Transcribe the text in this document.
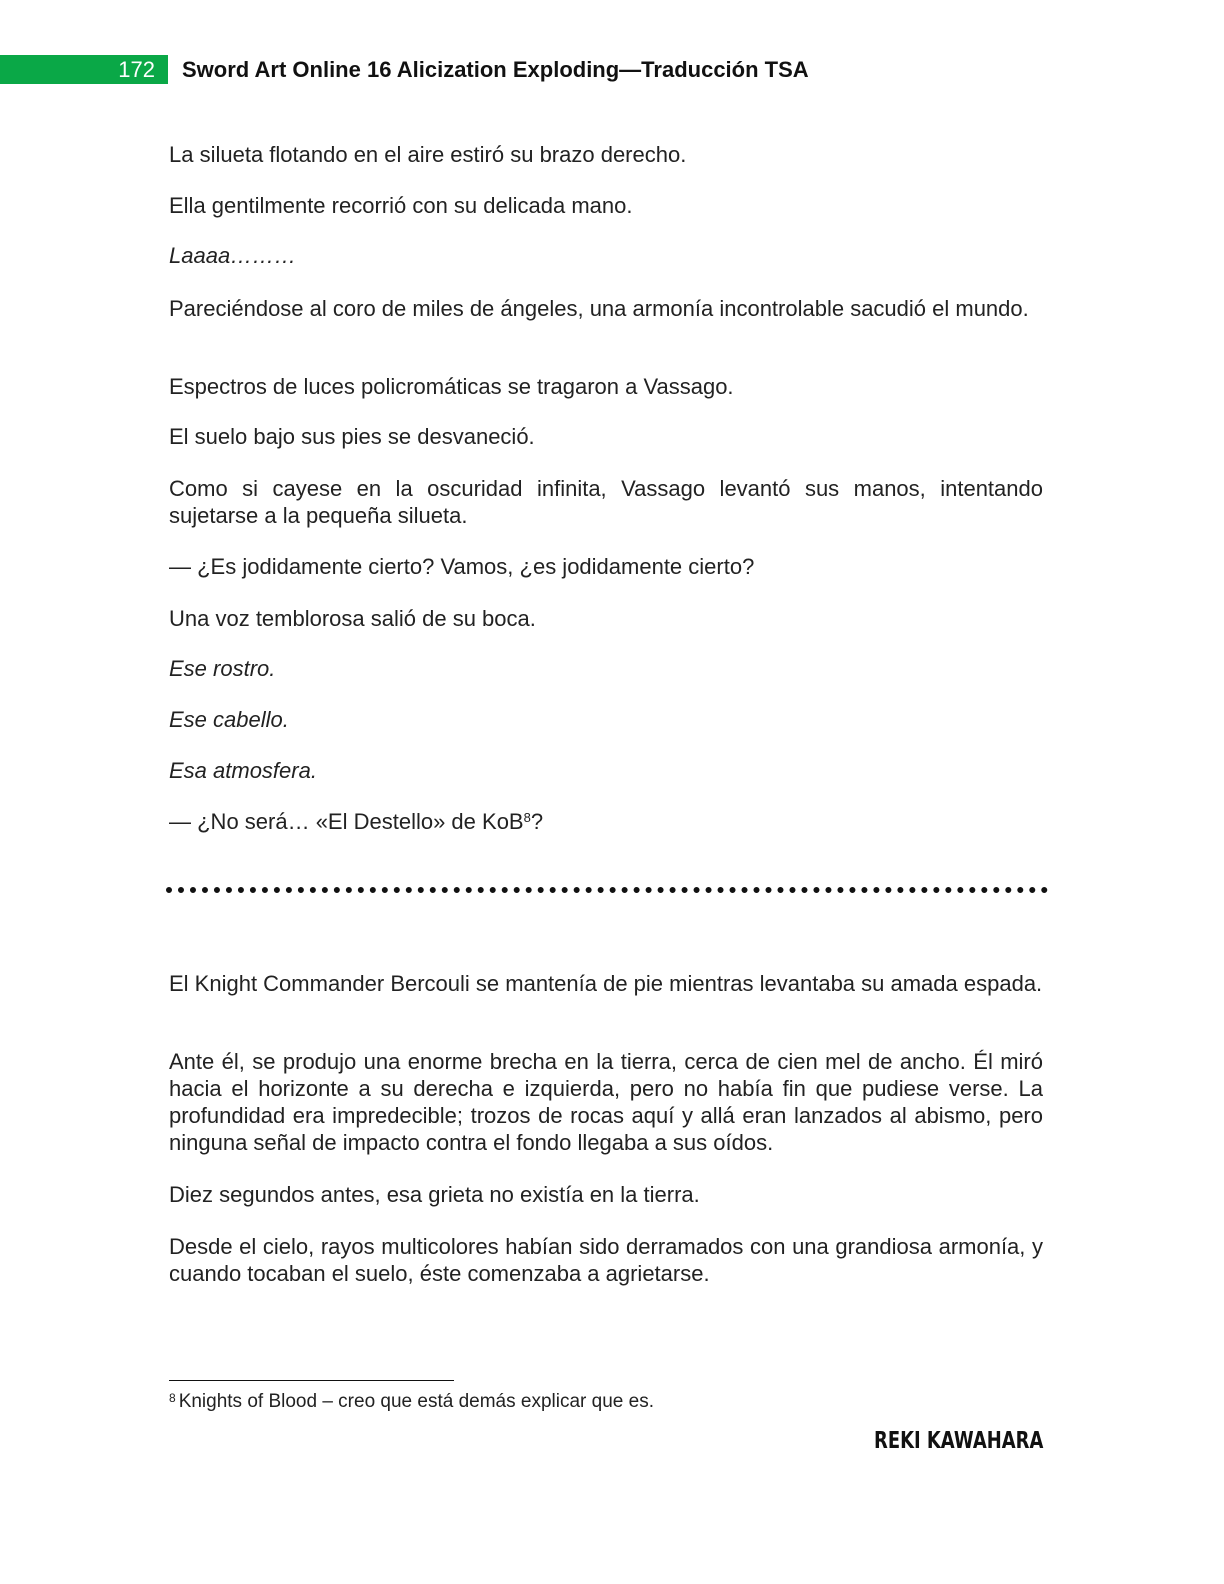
172 Sword Art Online 16 Alicization Exploding—Traducción TSA

La silueta flotando en el aire estiró su brazo derecho.

Ella gentilmente recorrió con su delicada mano.

Laaaa………

Pareciéndose al coro de miles de ángeles, una armonía incontrolable sacudió el mundo.

Espectros de luces policromáticas se tragaron a Vassago.

El suelo bajo sus pies se desvaneció.

Como si cayese en la oscuridad infinita, Vassago levantó sus manos, intentando sujetarse a la pequeña silueta.

— ¿Es jodidamente cierto? Vamos, ¿es jodidamente cierto?

Una voz temblorosa salió de su boca.

Ese rostro.

Ese cabello.

Esa atmosfera.

— ¿No será… «El Destello» de KoB$^8$?

El Knight Commander Bercouli se mantenía de pie mientras levantaba su amada espada.

Ante él, se produjo una enorme brecha en la tierra, cerca de cien mel de ancho. Él miró hacia el horizonte a su derecha e izquierda, pero no había fin que pudiese verse. La profundidad era impredecible; trozos de rocas aquí y allá eran lanzados al abismo, pero ninguna señal de impacto contra el fondo llegaba a sus oídos.

Diez segundos antes, esa grieta no existía en la tierra.

Desde el cielo, rayos multicolores habían sido derramados con una grandiosa armonía, y cuando tocaban el suelo, éste comenzaba a agrietarse.

$^8$ Knights of Blood – creo que está demás explicar que es.
REKI KAWAHARA
